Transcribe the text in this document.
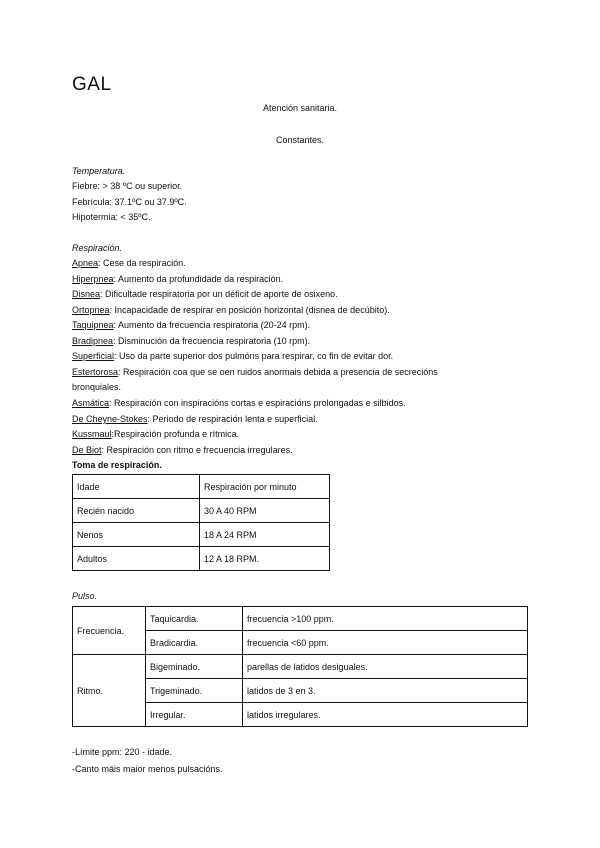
GAL
Atención sanitaria.
Constantes.
Temperatura.
Fiebre: > 38 ºC ou superior.
Febrícula: 37.1ºC ou 37.9ºC.
Hipotermia: < 35ºC.
Respiración.
Apnea: Cese da respiración.
Hiperpnea: Aumento da profundidade da respiración.
Disnea: Dificultade respiratoria por un déficit de aporte de osixeno.
Ortopnea: Incapacidade de respirar en posición horizontal (disnea de decúbito).
Taquipnea: Aumento da frecuencia respiratoria (20-24 rpm).
Bradipnea: Disminución da frecuencia respiratoria (10 rpm).
Superficial: Uso da parte superior dos pulmóns para respirar, co fin de evitar dor.
Estertorosa: Respiración coa que se oen ruidos anormais debida a presencia de secrecións
bronquiales.
Asmática: Respiración con inspiracións cortas e espiracións prolongadas e silbidos.
De Cheyne-Stokes: Periodo de respiración lenta e superficial.
Kussmaul:Respiración profunda e rítmica.
De Biot: Respiración con ritmo e frecuencia irregulares.
Toma de respiración.
Idade	Respiración por minuto
Recién nacido	30 A 40 RPM
Nenos	18 A 24 RPM
Adultos	12 A 18 RPM.
Pulso.
Frecuencia.	Taquicardia.	frecuencia >100 ppm.
	Bradicardia.	frecuencia <60 ppm.
Ritmo.	Bigeminado.	parellas de latidos desiguales.
	Trigeminado.	latidos de 3 en 3.
	Irregular.	latidos irregulares.
-Límite ppm: 220 - idade.
-Canto máis maior menos pulsacións.
